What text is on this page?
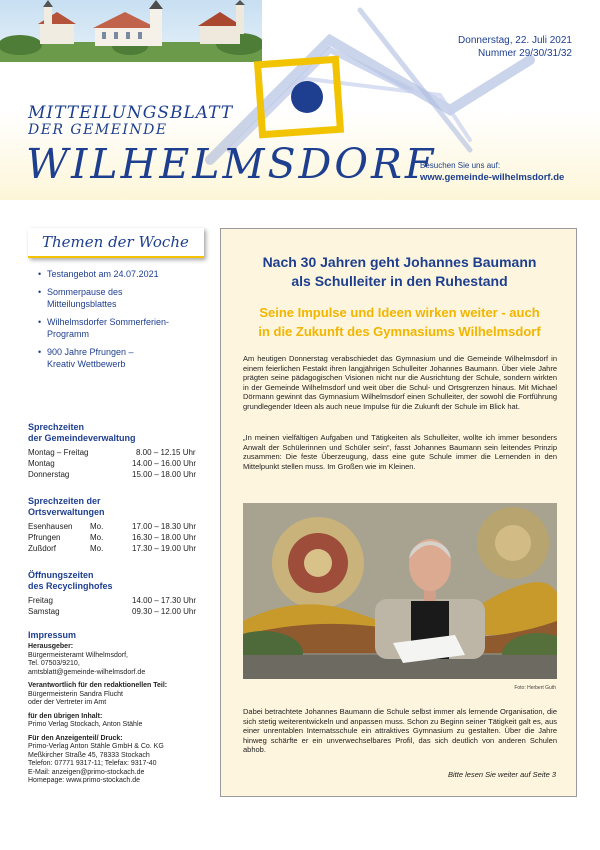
MITTEILUNGSBLATT
DER GEMEINDE
WILHELMSDORF
Donnerstag, 22. Juli 2021
Nummer 29/30/31/32
Besuchen Sie uns auf:
www.gemeinde-wilhelmsdorf.de
Themen der Woche
• Testangebot am 24.07.2021
• Sommerpause des Mitteilungsblattes
• Wilhelmsdorfer Sommerferien-Programm
• 900 Jahre Pfrungen – Kreativ Wettbewerb
Sprechzeiten
der Gemeindeverwaltung
Montag – Freitag	8.00 – 12.15 Uhr
Montag	14.00 – 16.00 Uhr
Donnerstag	15.00 – 18.00 Uhr
Sprechzeiten der
Ortsverwaltungen
Esenhausen Mo.	17.00 – 18.30 Uhr
Pfrungen	Mo.	16.30 – 18.00 Uhr
Zußdorf	Mo.	17.30 – 19.00 Uhr
Öffnungszeiten
des Recyclinghofes
Freitag	14.00 – 17.30 Uhr
Samstag	09.30 – 12.00 Uhr
Impressum
Herausgeber:
Bürgermeisteramt Wilhelmsdorf,
Tel. 07503/9210,
amtsblatt@gemeinde-wilhelmsdorf.de
Verantwortlich für den redaktionellen Teil:
Bürgermeisterin Sandra Flucht
oder der Vertreter im Amt
für den übrigen Inhalt:
Primo Verlag Stockach, Anton Stähle
Für den Anzeigenteil/ Druck:
Primo-Verlag Anton Stähle GmbH & Co. KG
Meßkircher Straße 45, 78333 Stockach
Telefon: 07771 9317-11; Telefax: 9317-40
E-Mail: anzeigen@primo-stockach.de
Homepage: www.primo-stockach.de
Nach 30 Jahren geht Johannes Baumann
als Schulleiter in den Ruhestand
Seine Impulse und Ideen wirken weiter - auch
in die Zukunft des Gymnasiums Wilhelmsdorf
Am heutigen Donnerstag verabschiedet das Gymnasium und die Gemeinde Wilhelmsdorf in einem feierlichen Festakt ihren langjährigen Schulleiter Johannes Baumann. Über viele Jahre prägten seine pädagogischen Visionen nicht nur die Ausrichtung der Schule, sondern wirkten in der Gemeinde Wilhelmsdorf und weit über die Schul- und Ortsgrenzen hinaus. Mit Michael Dörmann gewinnt das Gymnasium Wilhelmsdorf einen Schulleiter, der sowohl die Fortführung grundlegender Ideen als auch neue Impulse für die Zukunft der Schule im Blick hat.
„In meinen vielfältigen Aufgaben und Tätigkeiten als Schulleiter, wollte ich immer besonders Anwalt der Schülerinnen und Schüler sein“, fasst Johannes Baumann sein leitendes Prinzip zusammen: Die feste Überzeugung, dass eine gute Schule immer die Lernenden in den Mittelpunkt stellen muss. Im Großen wie im Kleinen.
Foto: Herbert Guth
Dabei betrachtete Johannes Baumann die Schule selbst immer als lernende Organisation, die sich stetig weiterentwickeln und anpassen muss. Schon zu Beginn seiner Tätigkeit galt es, aus einer unrentablen Internatsschule ein attraktives Gymnasium zu gestalten. Über die Jahre hinweg schärfte er ein unverwechselbares Profil, das sich deutlich von anderen Schulen abhob.
Bitte lesen Sie weiter auf Seite 3
